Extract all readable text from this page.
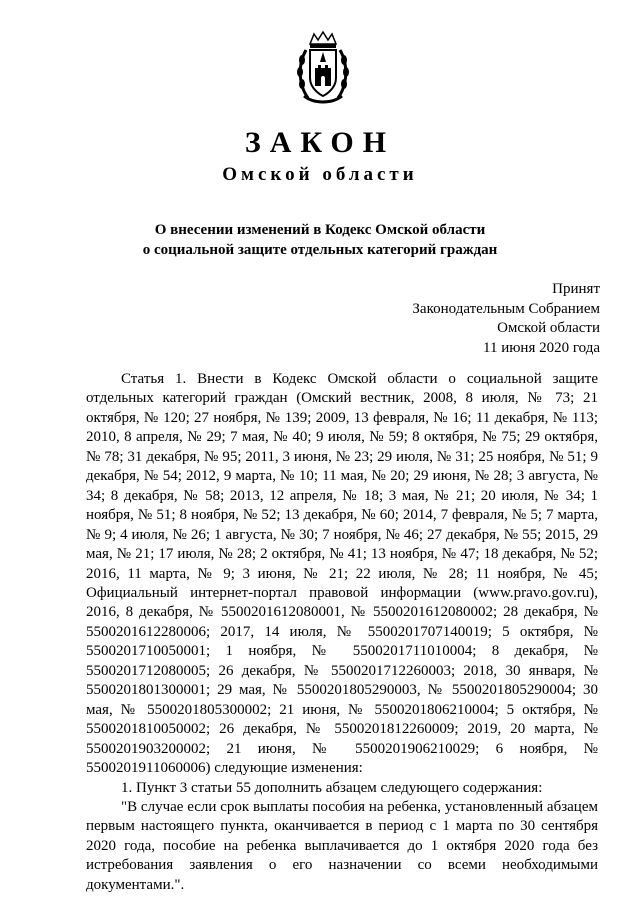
ЗАКОН
Омской области
О внесении изменений в Кодекс Омской области
о социальной защите отдельных категорий граждан
Принят
Законодательным Собранием
Омской области
11 июня 2020 года

Статья 1. Внести в Кодекс Омской области о социальной защите отдельных категорий граждан (Омский вестник, 2008, 8 июля, № 73; 21 октября, № 120; 27 ноября, № 139; 2009, 13 февраля, № 16; 11 декабря, № 113; 2010, 8 апреля, № 29; 7 мая, № 40; 9 июля, № 59; 8 октября, № 75; 29 октября, № 78; 31 декабря, № 95; 2011, 3 июня, № 23; 29 июля, № 31; 25 ноября, № 51; 9 декабря, № 54; 2012, 9 марта, № 10; 11 мая, № 20; 29 июня, № 28; 3 августа, № 34; 8 декабря, № 58; 2013, 12 апреля, № 18; 3 мая, № 21; 20 июля, № 34; 1 ноября, № 51; 8 ноября, № 52; 13 декабря, № 60; 2014, 7 февраля, № 5; 7 марта, № 9; 4 июля, № 26; 1 августа, № 30; 7 ноября, № 46; 27 декабря, № 55; 2015, 29 мая, № 21; 17 июля, № 28; 2 октября, № 41; 13 ноября, № 47; 18 декабря, № 52; 2016, 11 марта, № 9; 3 июня, № 21; 22 июля, № 28; 11 ноября, № 45; Официальный интернет-портал правовой информации (www.pravo.gov.ru), 2016, 8 декабря, № 5500201612080001, № 5500201612080002; 28 декабря, № 5500201612280006; 2017, 14 июля, № 5500201707140019; 5 октября, № 5500201710050001; 1 ноября, № 5500201711010004; 8 декабря, № 5500201712080005; 26 декабря, № 5500201712260003; 2018, 30 января, № 5500201801300001; 29 мая, № 5500201805290003, № 5500201805290004; 30 мая, № 5500201805300002; 21 июня, № 5500201806210004; 5 октября, № 5500201810050002; 26 декабря, № 5500201812260009; 2019, 20 марта, № 5500201903200002; 21 июня, № 5500201906210029; 6 ноября, № 5500201911060006) следующие изменения:

1. Пункт 3 статьи 55 дополнить абзацем следующего содержания:

"В случае если срок выплаты пособия на ребенка, установленный абзацем первым настоящего пункта, оканчивается в период с 1 марта по 30 сентября 2020 года, пособие на ребенка выплачивается до 1 октября 2020 года без истребования заявления о его назначении со всеми необходимыми документами.".
